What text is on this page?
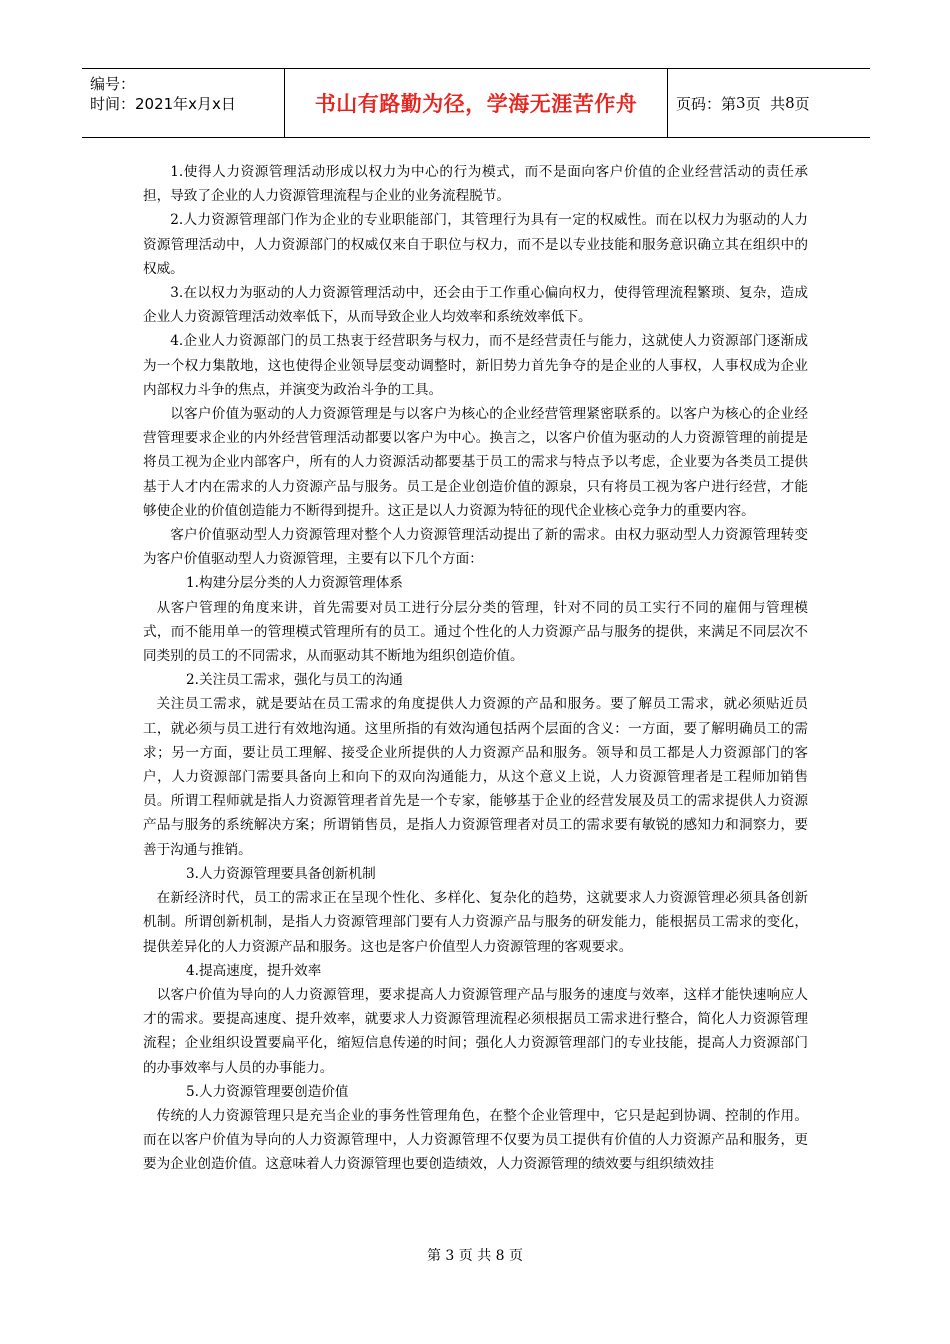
编号：
时间：2021年x月x日	书山有路勤为径，学海无涯苦作舟	页码：第 3 页  共 8 页

1.使得人力资源管理活动形成以权力为中心的行为模式，而不是面向客户价值的企业经营活动的责任承担，导致了企业的人力资源管理流程与企业的业务流程脱节。

2.人力资源管理部门作为企业的专业职能部门，其管理行为具有一定的权威性。而在以权力为驱动的人力资源管理活动中，人力资源部门的权威仅来自于职位与权力，而不是以专业技能和服务意识确立其在组织中的权威。

3.在以权力为驱动的人力资源管理活动中，还会由于工作重心偏向权力，使得管理流程繁琐、复杂，造成企业人力资源管理活动效率低下，从而导致企业人均效率和系统效率低下。

4.企业人力资源部门的员工热衷于经营职务与权力，而不是经营责任与能力，这就使人力资源部门逐渐成为一个权力集散地，这也使得企业领导层变动调整时，新旧势力首先争夺的是企业的人事权，人事权成为企业内部权力斗争的焦点，并演变为政治斗争的工具。

以客户价值为驱动的人力资源管理是与以客户为核心的企业经营管理紧密联系的。以客户为核心的企业经营管理要求企业的内外经营管理活动都要以客户为中心。换言之，以客户价值为驱动的人力资源管理的前提是将员工视为企业内部客户，所有的人力资源活动都要基于员工的需求与特点予以考虑，企业要为各类员工提供基于人才内在需求的人力资源产品与服务。员工是企业创造价值的源泉，只有将员工视为客户进行经营，才能够使企业的价值创造能力不断得到提升。这正是以人力资源为特征的现代企业核心竞争力的重要内容。

客户价值驱动型人力资源管理对整个人力资源管理活动提出了新的需求。由权力驱动型人力资源管理转变为客户价值驱动型人力资源管理，主要有以下几个方面：

1.构建分层分类的人力资源管理体系

从客户管理的角度来讲，首先需要对员工进行分层分类的管理，针对不同的员工实行不同的雇佣与管理模式，而不能用单一的管理模式管理所有的员工。通过个性化的人力资源产品与服务的提供，来满足不同层次不同类别的员工的不同需求，从而驱动其不断地为组织创造价值。

2.关注员工需求，强化与员工的沟通

关注员工需求，就是要站在员工需求的角度提供人力资源的产品和服务。要了解员工需求，就必须贴近员工，就必须与员工进行有效地沟通。这里所指的有效沟通包括两个层面的含义：一方面，要了解明确员工的需求；另一方面，要让员工理解、接受企业所提供的人力资源产品和服务。领导和员工都是人力资源部门的客户，人力资源部门需要具备向上和向下的双向沟通能力，从这个意义上说，人力资源管理者是工程师加销售员。所谓工程师就是指人力资源管理者首先是一个专家，能够基于企业的经营发展及员工的需求提供人力资源产品与服务的系统解决方案；所谓销售员，是指人力资源管理者对员工的需求要有敏锐的感知力和洞察力，要善于沟通与推销。

3.人力资源管理要具备创新机制

在新经济时代，员工的需求正在呈现个性化、多样化、复杂化的趋势，这就要求人力资源管理必须具备创新机制。所谓创新机制，是指人力资源管理部门要有人力资源产品与服务的研发能力，能根据员工需求的变化，提供差异化的人力资源产品和服务。这也是客户价值型人力资源管理的客观要求。

4.提高速度，提升效率

以客户价值为导向的人力资源管理，要求提高人力资源管理产品与服务的速度与效率，这样才能快速响应人才的需求。要提高速度、提升效率，就要求人力资源管理流程必须根据员工需求进行整合，简化人力资源管理流程；企业组织设置要扁平化，缩短信息传递的时间；强化人力资源管理部门的专业技能，提高人力资源部门的办事效率与人员的办事能力。

5.人力资源管理要创造价值

传统的人力资源管理只是充当企业的事务性管理角色，在整个企业管理中，它只是起到协调、控制的作用。而在以客户价值为导向的人力资源管理中，人力资源管理不仅要为员工提供有价值的人力资源产品和服务，更要为企业创造价值。这意味着人力资源管理也要创造绩效，人力资源管理的绩效要与组织绩效挂

第 3 页 共 8 页
